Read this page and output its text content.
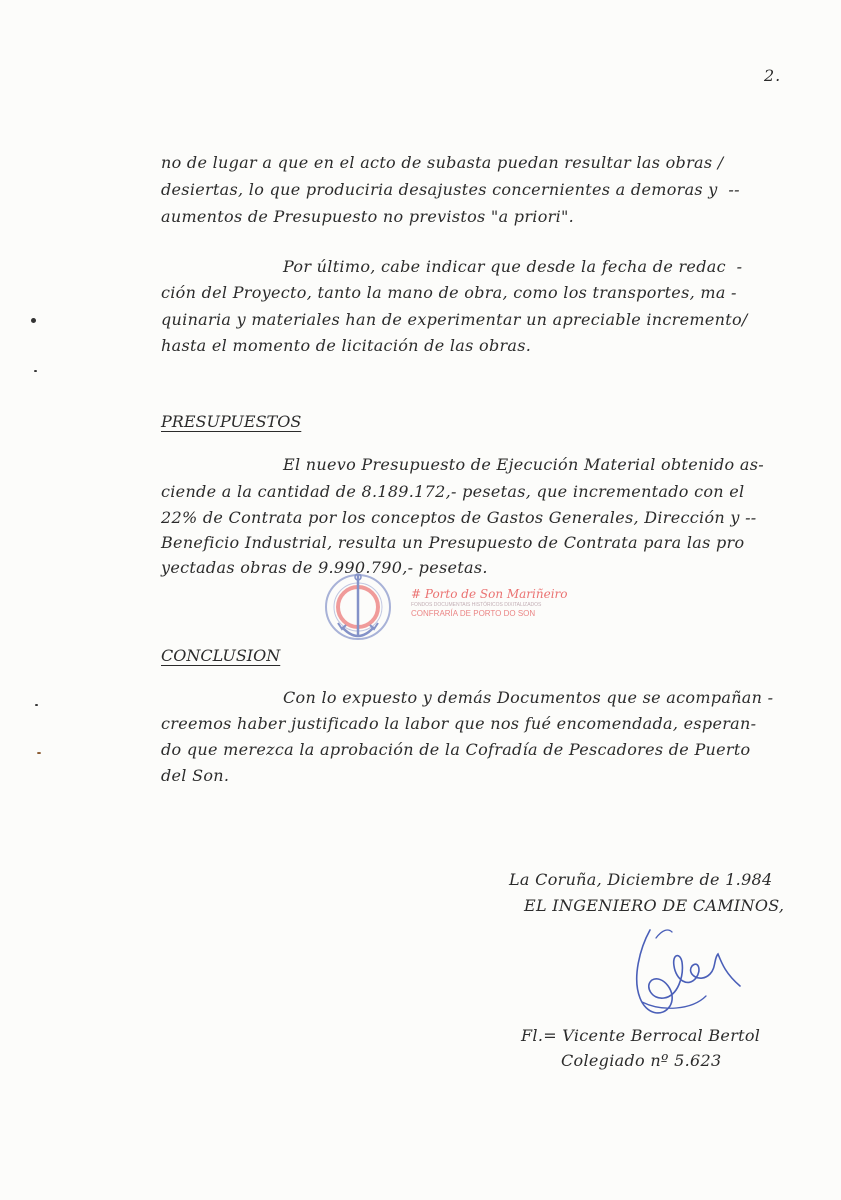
2.
no de lugar a que en el acto de subasta puedan resultar las obras /
desiertas, lo que produciria desajustes concernientes a demoras y  --
aumentos de Presupuesto no previstos "a priori".
Por último, cabe indicar que desde la fecha de redac  -
ción del Proyecto, tanto la mano de obra, como los transportes, ma -
quinaria y materiales han de experimentar un apreciable incremento/
hasta el momento de licitación de las obras.
PRESUPUESTOS
El nuevo Presupuesto de Ejecución Material obtenido as-
ciende a la cantidad de 8.189.172,- pesetas, que incrementado con el
22% de Contrata por los conceptos de Gastos Generales, Dirección y --
Beneficio Industrial, resulta un Presupuesto de Contrata para las pro
yectadas obras de 9.990.790,- pesetas.
# Porto de Son Mariñeiro
FONDOS DOCUMENTAIS HISTÓRICOS DIXITALIZADOS
CONFRARÍA DE PORTO DO SON
CONCLUSION
Con lo expuesto y demás Documentos que se acompañan -
creemos haber justificado la labor que nos fué encomendada, esperan-
do que merezca la aprobación de la Cofradía de Pescadores de Puerto
del Son.
La Coruña, Diciembre de 1.984
EL INGENIERO DE CAMINOS,
Fl.= Vicente Berrocal Bertol
Colegiado nº 5.623
